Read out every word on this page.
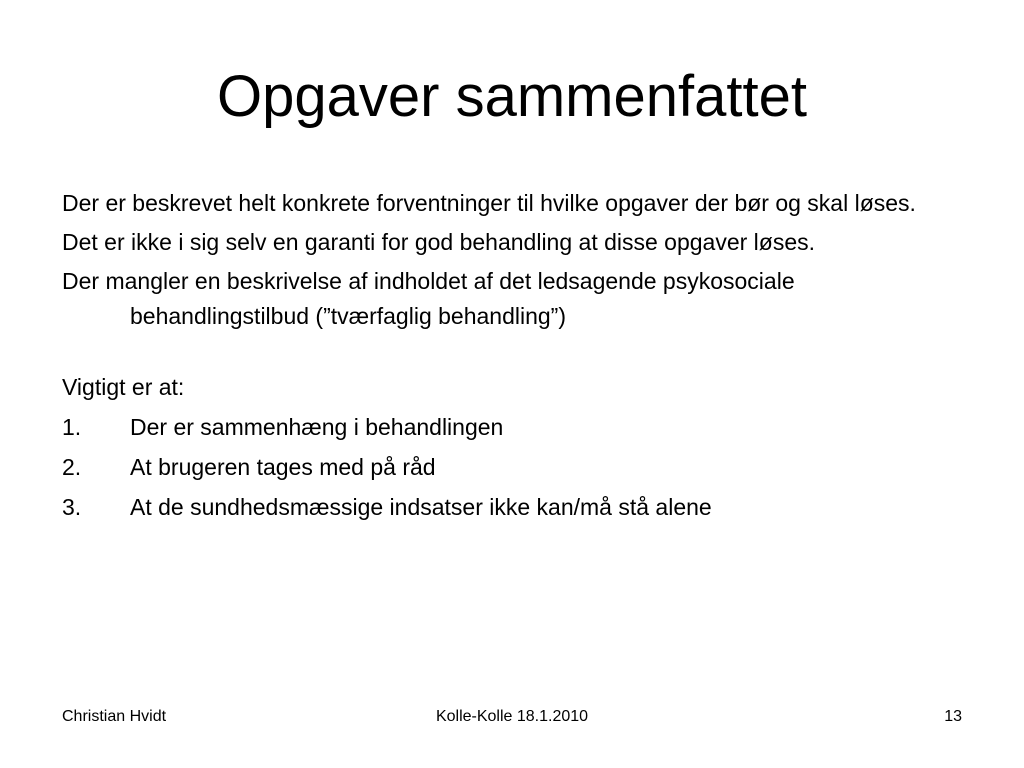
Opgaver sammenfattet

Der er beskrevet helt konkrete forventninger til hvilke opgaver der bør og skal løses.

Det er ikke i sig selv en garanti for god behandling at disse opgaver løses.

Der mangler en beskrivelse af indholdet af det ledsagende psykosociale behandlingstilbud (”tværfaglig behandling”)

Vigtigt er at:

1.	Der er sammenhæng i behandlingen
2.	At brugeren tages med på råd
3.	At de sundhedsmæssige indsatser ikke kan/må stå alene
Christian Hvidt	Kolle-Kolle 18.1.2010	13
